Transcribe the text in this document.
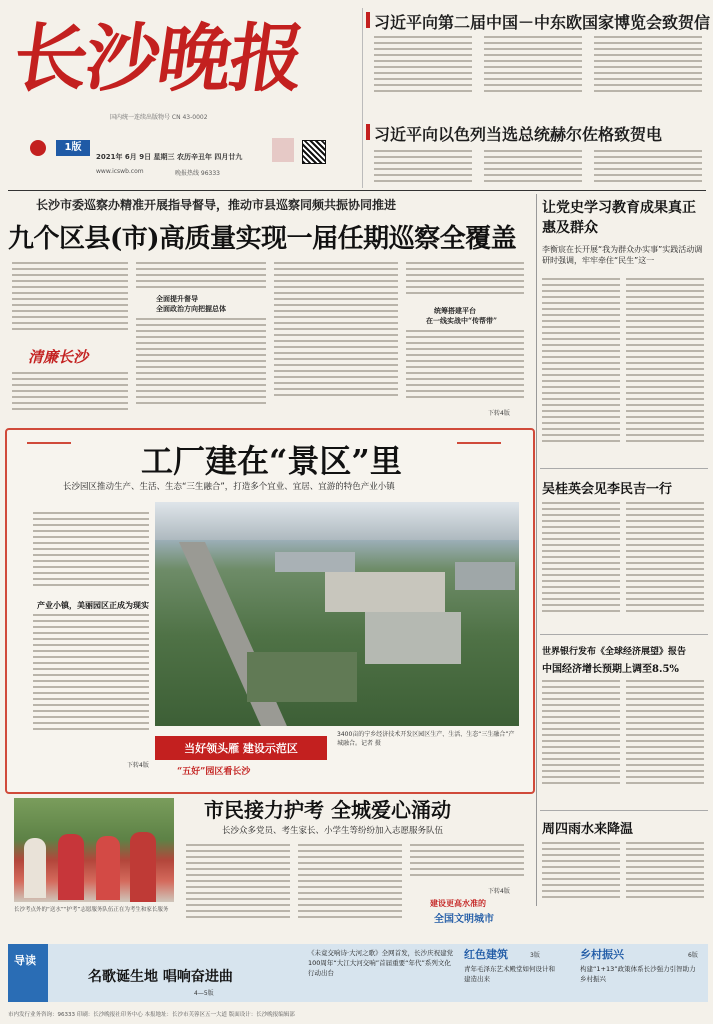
长沙晚报
国内统一连续出版物号 CN 43-0002
1版
2021年 6月 9日 星期三 农历辛丑年 四月廿九
www.icswb.com	晚报热线 96333
习近平向第二届中国－中东欧国家博览会致贺信
习近平向以色列当选总统赫尔佐格致贺电
长沙市委巡察办精准开展指导督导，推动市县巡察同频共振协同推进
九个区县(市)高质量实现一届任期巡察全覆盖
清廉长沙
全面提升督导
全面政治方向把握总体	统筹搭建平台
在一线实战中“传帮带”
下转4版
工厂建在“景区”里
长沙园区推动生产、生活、生态“三生融合”，打造多个宜业、宜居、宜游的特色产业小镇
产业小镇，美丽园区正成为现实
当好领头雁 建设示范区
“五好”园区看长沙
3400亩的宁乡经济技术开发区园区生产、生活、生态“三生融合”产城融合。记者 摄
下转4版
让党史学习教育成果真正惠及群众
李衡宸在长开展“我为群众办实事”实践活动调研时强调，牢牢牵住“民生”这一
吴桂英会见李民吉一行
世界银行发布《全球经济展望》报告
中国经济增长预期上调至8.5%
周四雨水来降温
长沙考点外的“送水”“护考”志愿服务队伍正在为考生和家长服务
市民接力护考 全城爱心涌动
长沙众多党员、考生家长、小学生等纷纷加入志愿服务队伍
下转4版
建设更高水准的
全国文明城市
导读
名歌诞生地 唱响奋进曲
4—5版
《未竟交响诗·大河之歌》全网首发，长沙庆祝建党100周年“大江大河交响”首届重要“年代”系列文化行动出台
红色建筑	3版
青年毛泽东艺术殿堂如何设计和建造出来
乡村振兴	6版
构建“1+13”政策体系长沙强力引智助力乡村振兴
市内发行业务咨询：96333 印刷：长沙晚报社印务中心 本报地址：长沙市芙蓉区五一大道 版面设计：长沙晚报编辑部
